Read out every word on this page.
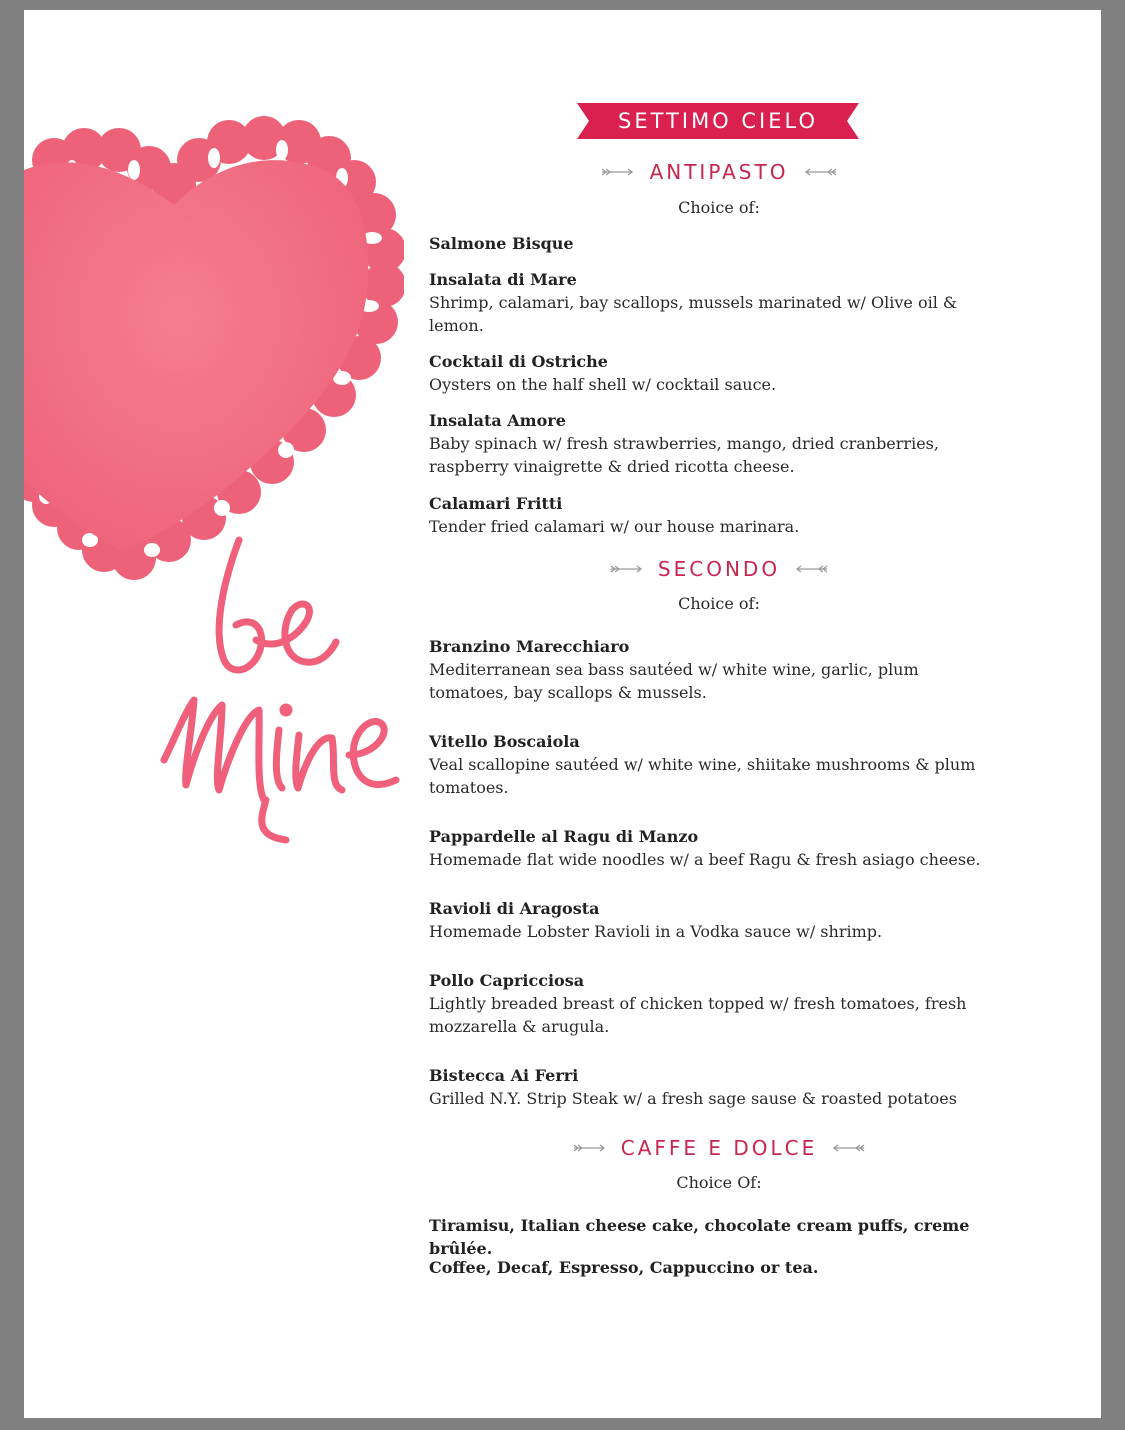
SETTIMO CIELO
ANTIPASTO
Choice of:

Salmone Bisque

Insalata di Mare

Shrimp, calamari, bay scallops, mussels marinated w/ Olive oil & lemon.

Cocktail di Ostriche

Oysters on the half shell w/ cocktail sauce.

Insalata Amore

Baby spinach w/ fresh strawberries, mango, dried cranberries, raspberry vinaigrette & dried ricotta cheese.

Calamari Fritti

Tender fried calamari w/ our house marinara.

SECONDO
Choice of:

Branzino Marecchiaro

Mediterranean sea bass sautéed w/ white wine, garlic, plum tomatoes, bay scallops & mussels.

Vitello Boscaiola

Veal scallopine sautéed w/ white wine, shiitake mushrooms & plum tomatoes.

Pappardelle al Ragu di Manzo

Homemade flat wide noodles w/ a beef Ragu & fresh asiago cheese.

Ravioli di Aragosta

Homemade Lobster Ravioli in a Vodka sauce w/ shrimp.

Pollo Capricciosa

Lightly breaded breast of chicken topped w/ fresh tomatoes, fresh mozzarella & arugula.

Bistecca Ai Ferri

Grilled N.Y. Strip Steak w/ a fresh sage sause & roasted potatoes

CAFFE E DOLCE
Choice Of:

Tiramisu, Italian cheese cake, chocolate cream puffs, creme brûlée.

Coffee, Decaf, Espresso, Cappuccino or tea.
